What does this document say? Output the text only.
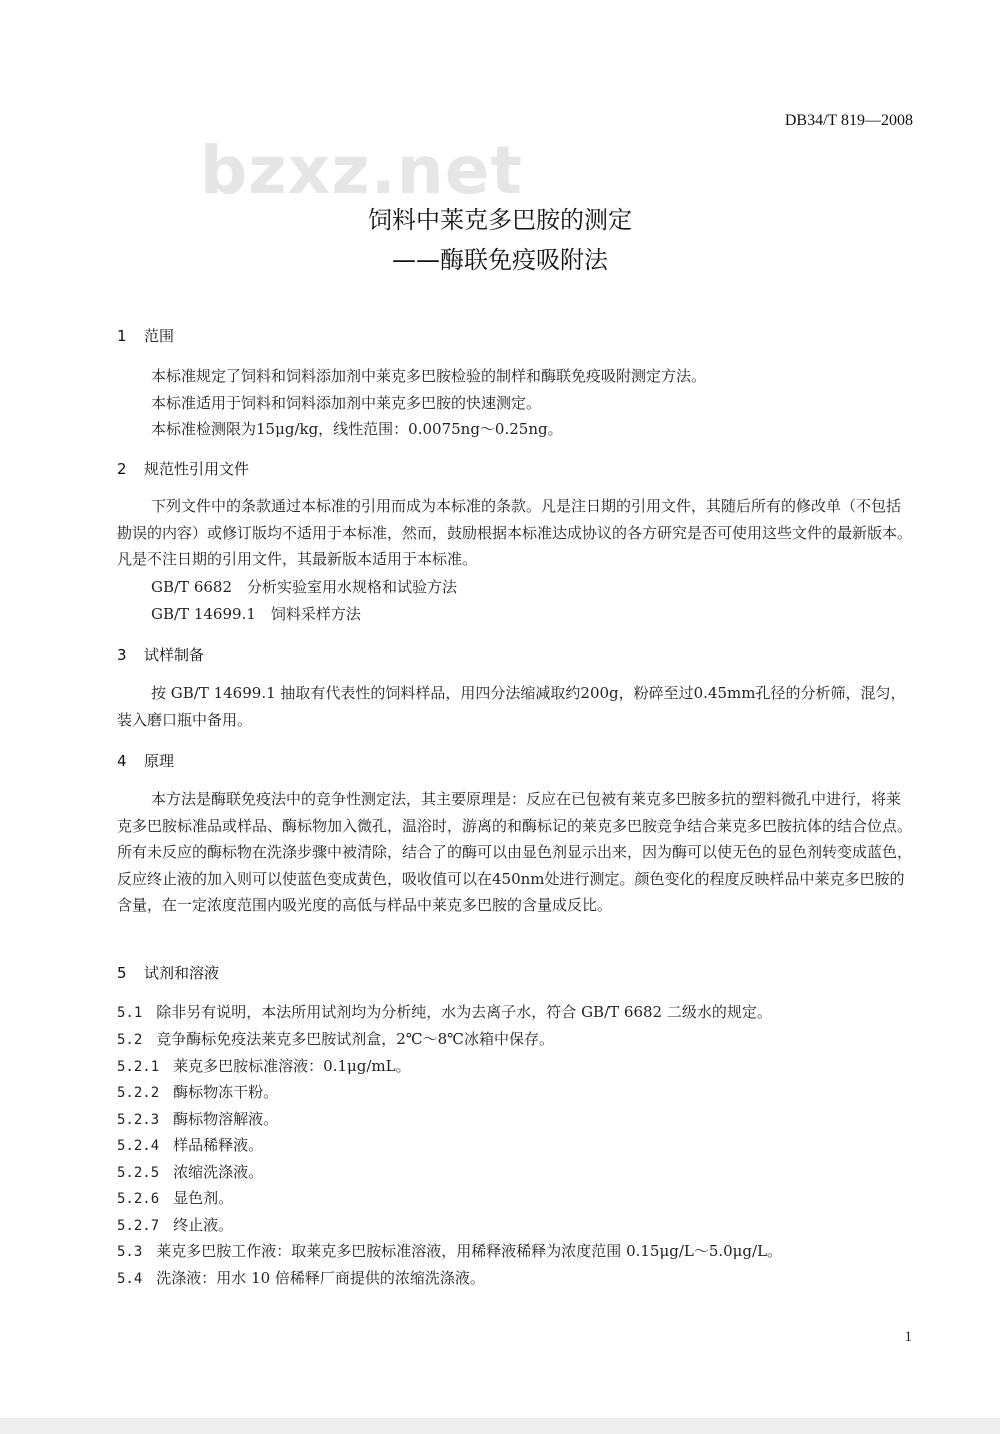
DB34/T 819—2008
bzxz.net
饲料中莱克多巴胺的测定
——酶联免疫吸附法
1 范围
本标准规定了饲料和饲料添加剂中莱克多巴胺检验的制样和酶联免疫吸附测定方法。
本标准适用于饲料和饲料添加剂中莱克多巴胺的快速测定。
本标准检测限为15μg/kg，线性范围：0.0075ng～0.25ng。
2 规范性引用文件
下列文件中的条款通过本标准的引用而成为本标准的条款。凡是注日期的引用文件，其随后所有的修改单（不包括勘误的内容）或修订版均不适用于本标准，然而，鼓励根据本标准达成协议的各方研究是否可使用这些文件的最新版本。凡是不注日期的引用文件，其最新版本适用于本标准。
GB/T 6682　分析实验室用水规格和试验方法
GB/T 14699.1　饲料采样方法
3 试样制备
按 GB/T 14699.1 抽取有代表性的饲料样品，用四分法缩减取约200g，粉碎至过0.45mm孔径的分析筛，混匀，装入磨口瓶中备用。
4 原理
本方法是酶联免疫法中的竞争性测定法，其主要原理是：反应在已包被有莱克多巴胺多抗的塑料微孔中进行，将莱克多巴胺标准品或样品、酶标物加入微孔，温浴时，游离的和酶标记的莱克多巴胺竞争结合莱克多巴胺抗体的结合位点。所有未反应的酶标物在洗涤步骤中被清除，结合了的酶可以由显色剂显示出来，因为酶可以使无色的显色剂转变成蓝色，反应终止液的加入则可以使蓝色变成黄色，吸收值可以在450nm处进行测定。颜色变化的程度反映样品中莱克多巴胺的含量，在一定浓度范围内吸光度的高低与样品中莱克多巴胺的含量成反比。
5 试剂和溶液
5.1 除非另有说明，本法所用试剂均为分析纯，水为去离子水，符合 GB/T 6682 二级水的规定。
5.2 竞争酶标免疫法莱克多巴胺试剂盒，2℃～8℃冰箱中保存。
5.2.1 莱克多巴胺标准溶液：0.1μg/mL。
5.2.2 酶标物冻干粉。
5.2.3 酶标物溶解液。
5.2.4 样品稀释液。
5.2.5 浓缩洗涤液。
5.2.6 显色剂。
5.2.7 终止液。
5.3 莱克多巴胺工作液：取莱克多巴胺标准溶液，用稀释液稀释为浓度范围 0.15μg/L～5.0μg/L。
5.4 洗涤液：用水 10 倍稀释厂商提供的浓缩洗涤液。
1
